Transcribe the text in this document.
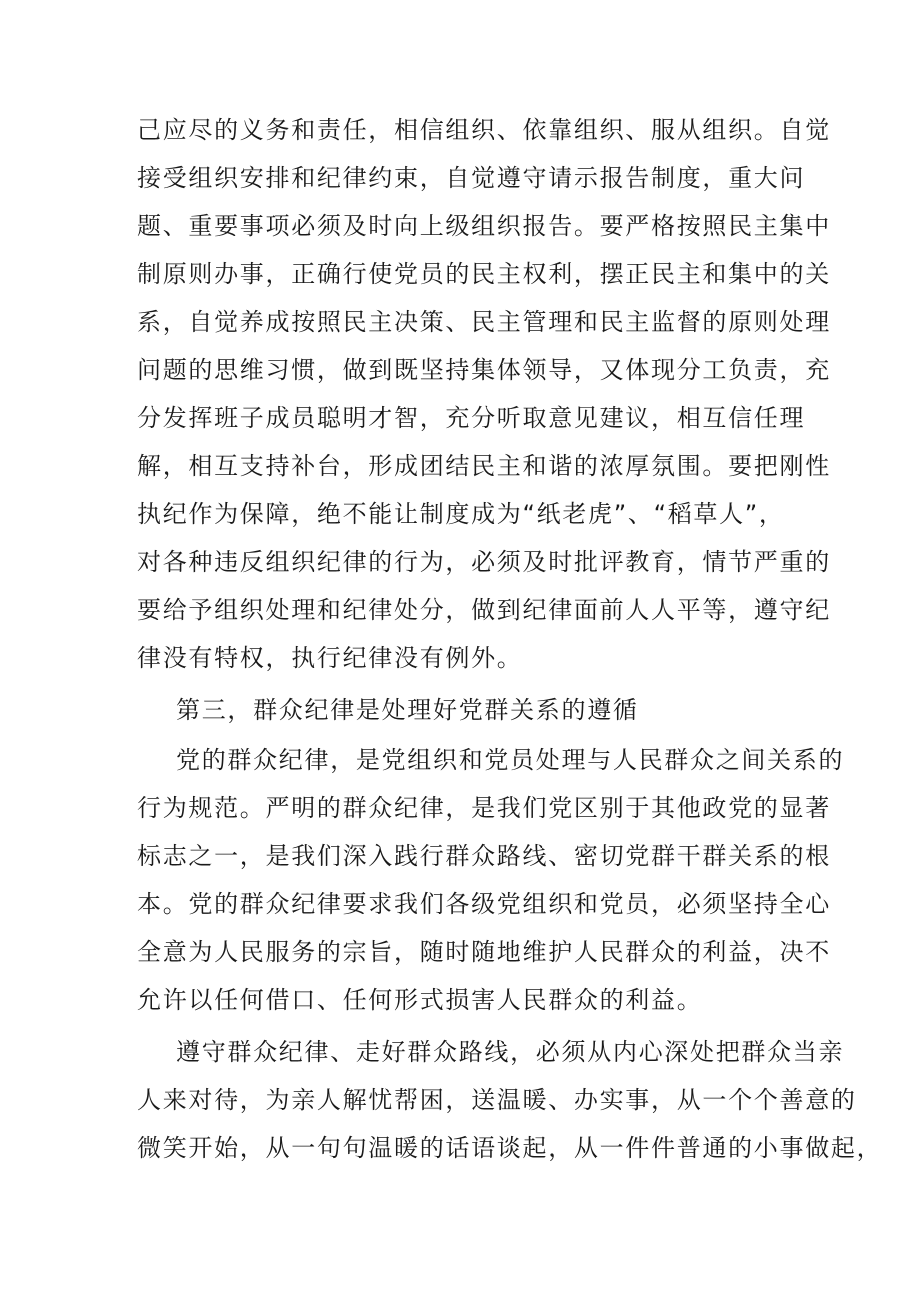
己应尽的义务和责任，相信组织、依靠组织、服从组织。自觉
接受组织安排和纪律约束，自觉遵守请示报告制度，重大问
题、重要事项必须及时向上级组织报告。要严格按照民主集中
制原则办事，正确行使党员的民主权利，摆正民主和集中的关
系，自觉养成按照民主决策、民主管理和民主监督的原则处理
问题的思维习惯，做到既坚持集体领导，又体现分工负责，充
分发挥班子成员聪明才智，充分听取意见建议，相互信任理
解，相互支持补台，形成团结民主和谐的浓厚氛围。要把刚性
执纪作为保障，绝不能让制度成为“纸老虎”、“稻草人”，
对各种违反组织纪律的行为，必须及时批评教育，情节严重的
要给予组织处理和纪律处分，做到纪律面前人人平等，遵守纪
律没有特权，执行纪律没有例外。
第三，群众纪律是处理好党群关系的遵循
党的群众纪律，是党组织和党员处理与人民群众之间关系的
行为规范。严明的群众纪律，是我们党区别于其他政党的显著
标志之一，是我们深入践行群众路线、密切党群干群关系的根
本。党的群众纪律要求我们各级党组织和党员，必须坚持全心
全意为人民服务的宗旨，随时随地维护人民群众的利益，决不
允许以任何借口、任何形式损害人民群众的利益。
遵守群众纪律、走好群众路线，必须从内心深处把群众当亲
人来对待，为亲人解忧帮困，送温暖、办实事，从一个个善意的
微笑开始，从一句句温暖的话语谈起，从一件件普通的小事做起，
